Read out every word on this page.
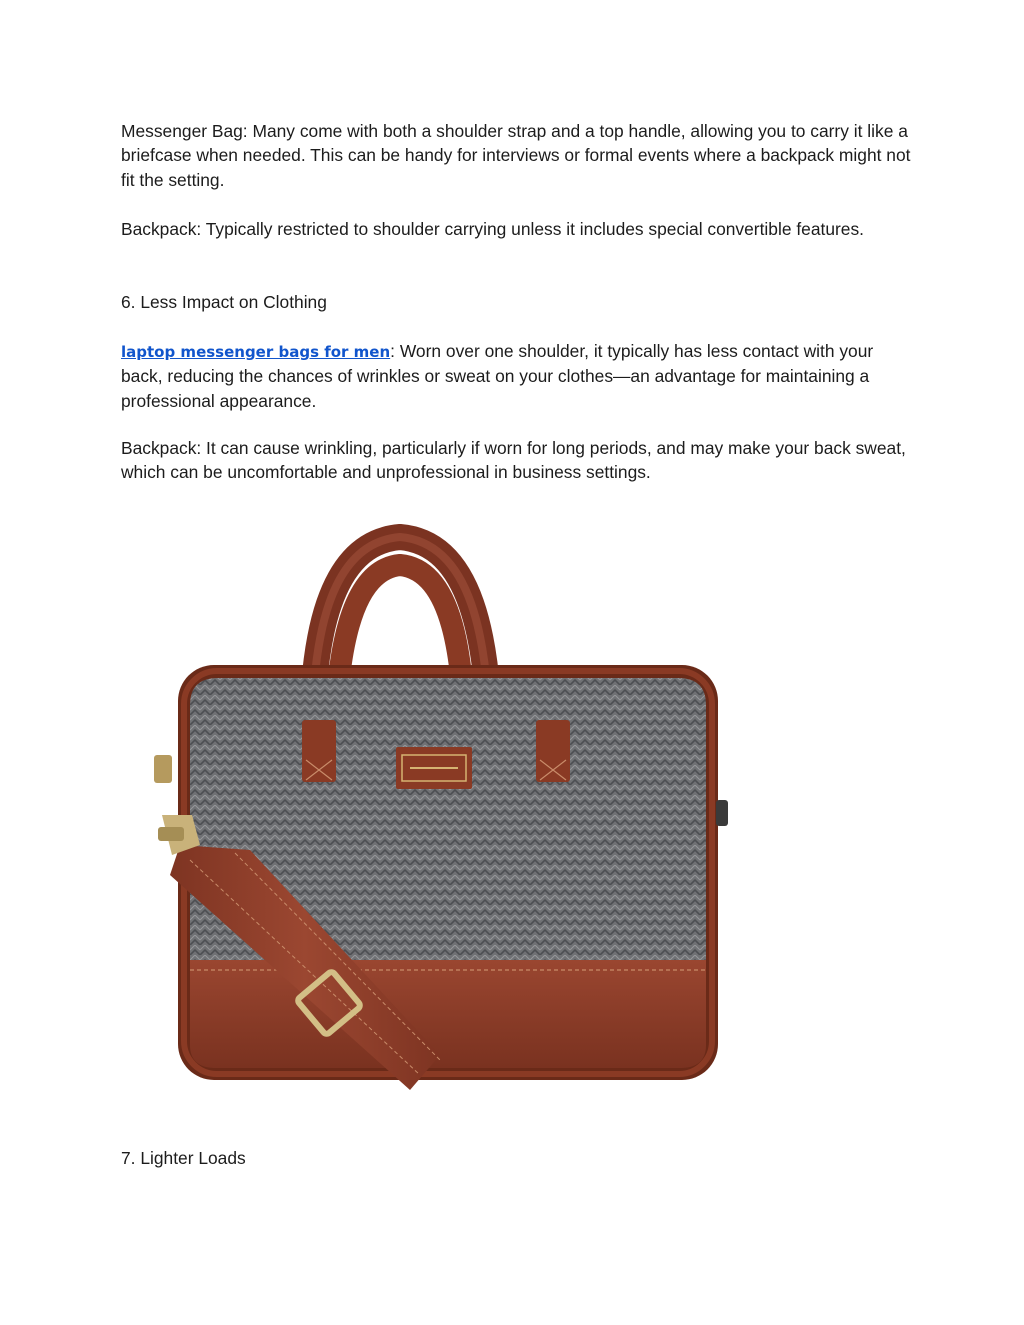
Messenger Bag: Many come with both a shoulder strap and a top handle, allowing you to carry it like a briefcase when needed. This can be handy for interviews or formal events where a backpack might not fit the setting.

Backpack: Typically restricted to shoulder carrying unless it includes special convertible features.

6. Less Impact on Clothing

laptop messenger bags for men: Worn over one shoulder, it typically has less contact with your back, reducing the chances of wrinkles or sweat on your clothes—an advantage for maintaining a professional appearance.

Backpack: It can cause wrinkling, particularly if worn for long periods, and may make your back sweat, which can be uncomfortable and unprofessional in business settings.

7. Lighter Loads
